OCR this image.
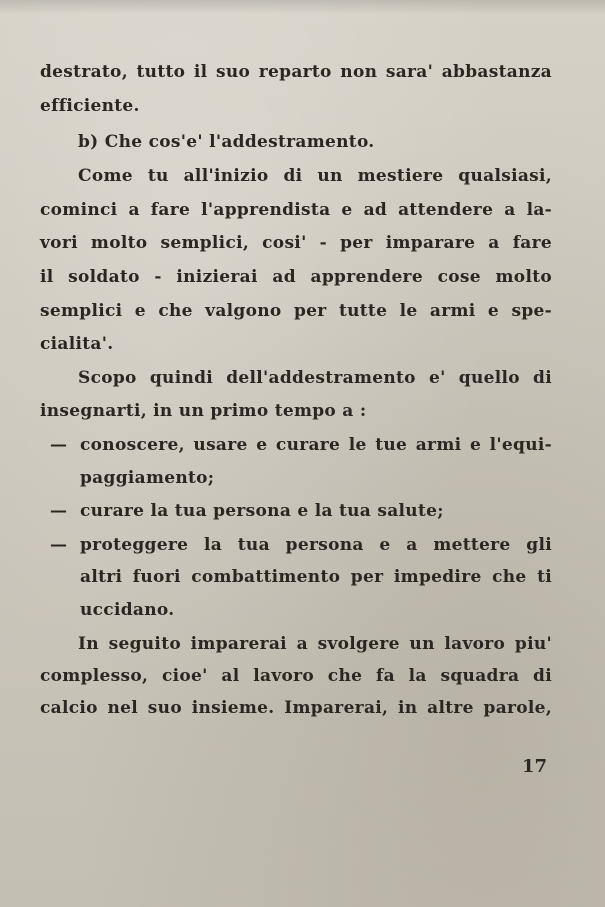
destrato, tutto il suo reparto non sara' abbastanza

efficiente.

b) Che cos'e' l'addestramento.

Come tu all'inizio di un mestiere qualsiasi,

cominci a fare l'apprendista e ad attendere a la-

vori molto semplici, cosi' - per imparare a fare

il soldato - inizierai ad apprendere cose molto

semplici e che valgono per tutte le armi e spe-

cialita'.

Scopo quindi dell'addestramento e' quello di

insegnarti, in un primo tempo a :

— conoscere, usare e curare le tue armi e l'equi-

paggiamento;

— curare la tua persona e la tua salute;

— proteggere la tua persona e a mettere gli

altri fuori combattimento per impedire che ti

uccidano.

In seguito imparerai a svolgere un lavoro piu'

complesso, cioe' al lavoro che fa la squadra di

calcio nel suo insieme. Imparerai, in altre parole,

17
